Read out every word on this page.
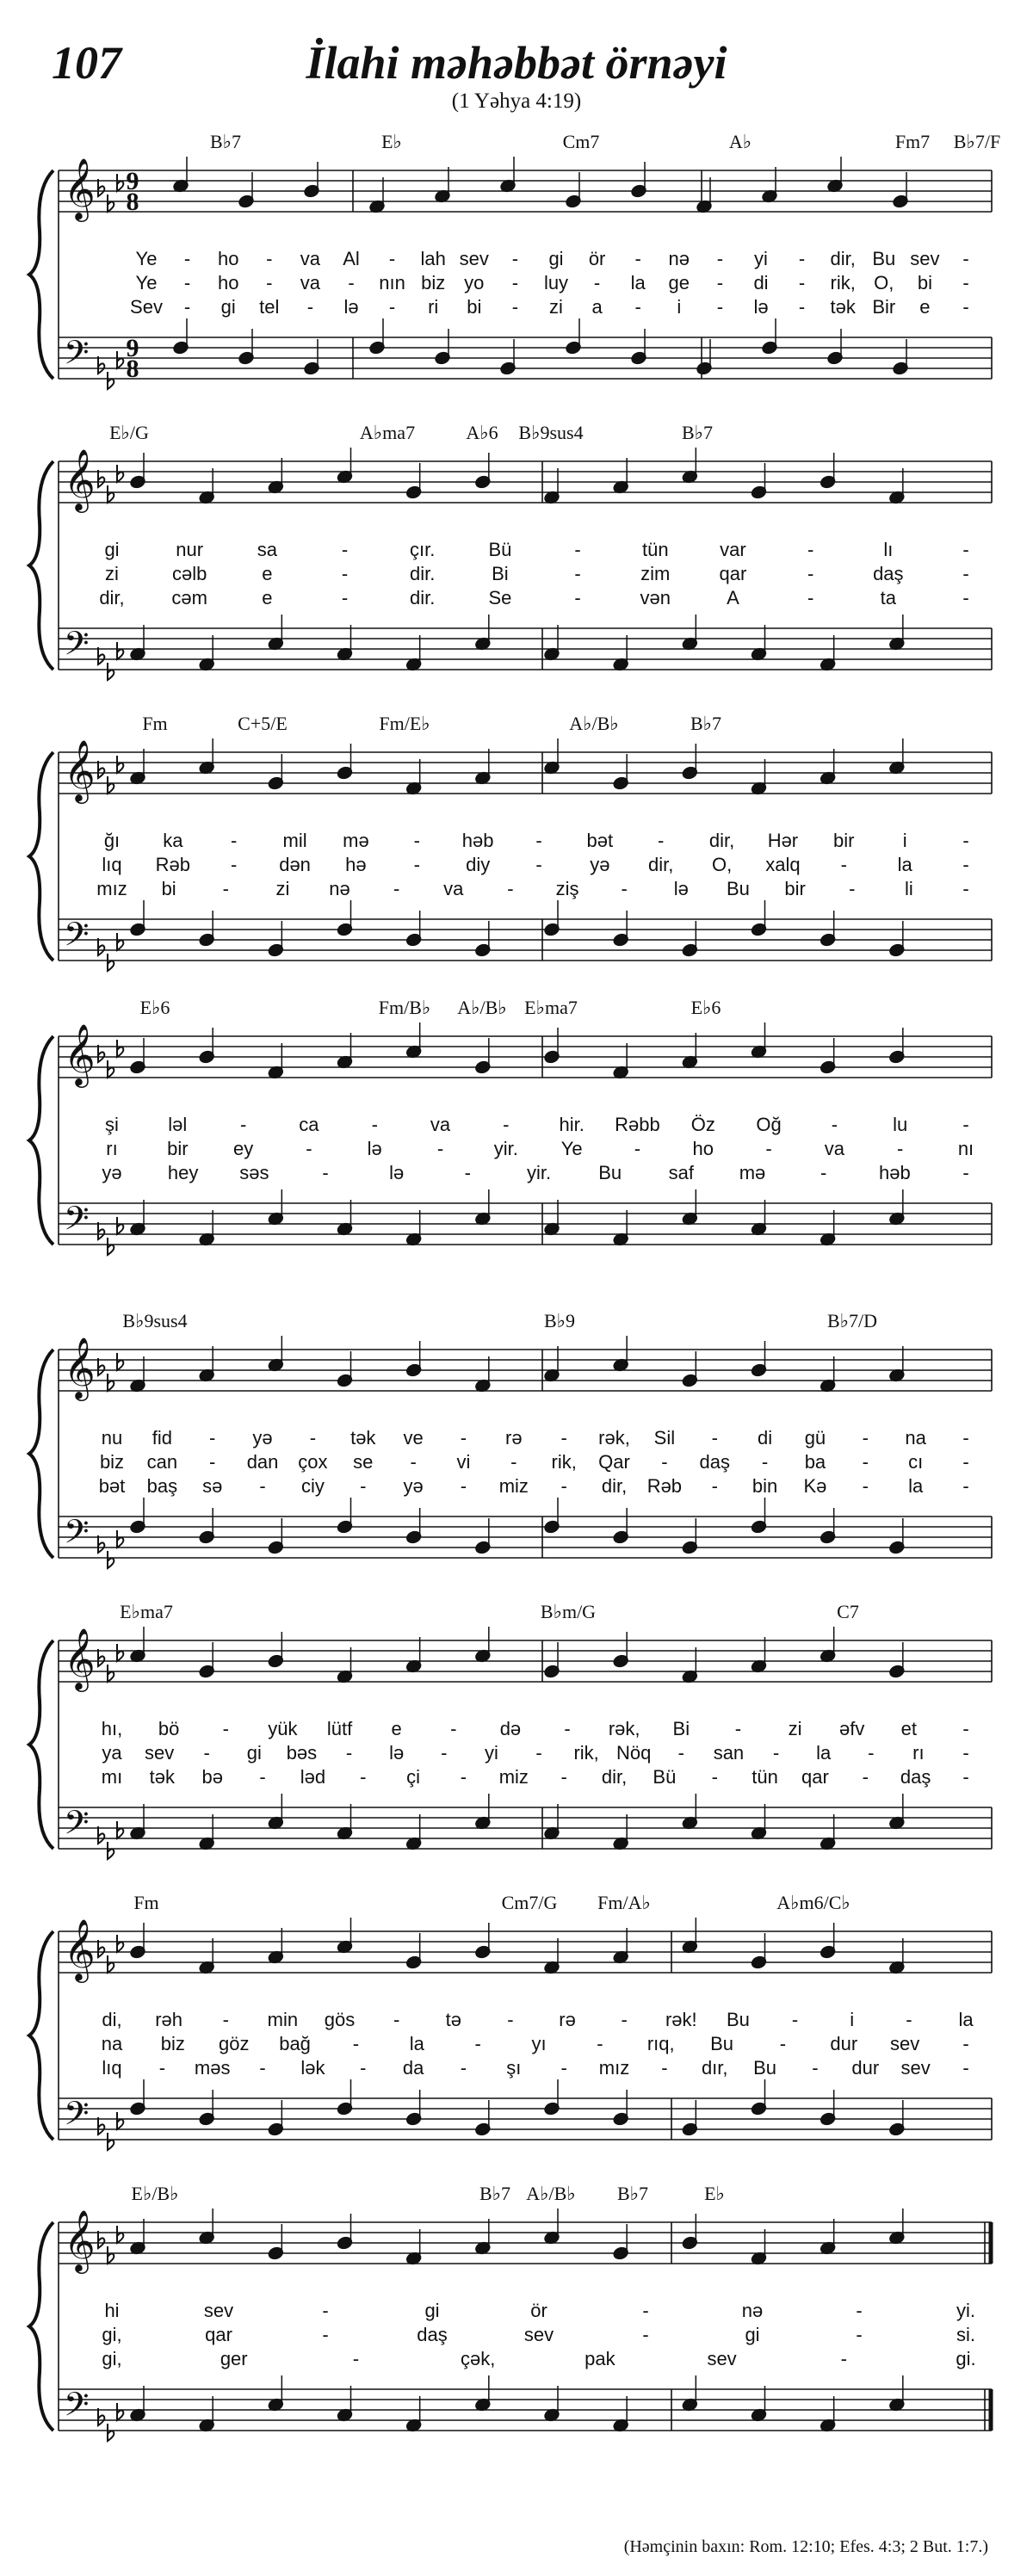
107	İlahi məhəbbət örnəyi
(1 Yəhya 4:19)
B♭7	E♭	Cm7	A♭	Fm7 B♭7/F
𝄞
𝄢
9
8
9
8
Ye - ho - va Al - lah sev - gi ör - nə - yi - dir, Bu sev -
Ye - ho - va - nın biz yo - luy - la ge - di - rik, O, bi -
Sev - gi tel - lə - ri bi - zi a - i - lə - tək Bir e -
E♭/G	A♭ma7	A♭6 B♭9sus4	B♭7
𝄞
𝄢
gi	nur	sa	-	çır.	Bü	-	tün	var	-	lı	-
zi	cəlb	e	-	dir.	Bi	-	zim	qar	-	daş	-
dir, cəm	e	-	dir.	Se	-	vən	A	-	ta	-
Fm	C+5/E	Fm/E♭	A♭/B♭	B♭7
𝄞
𝄢
ğı ka	- mil mə - həb - bət - dir, Hər bir	i	-
lıq Rəb - dən hə - diy -	yə dir, O, xalq -	la	-
mız bi - zi nə - va - ziş - lə Bu bir -	li	-
E♭6	Fm/B♭ A♭/B♭ E♭ma7	E♭6
𝄞
𝄢
şi	ləl	-	ca	-	va	-	hir. Rəbb Öz Oğ	-	lu	-
rı	bir ey	-	lə	-	yir. Ye	-	ho	-	va	-	nı
yə hey səs	-	lə	-	yir.	Bu saf mə	-	həb	-
B♭9sus4	B♭9	B♭7/D
𝄞
𝄢
nu fid - yə - tək ve - rə - rək, Sil - di gü - na -
biz can - dan çox se - vi - rik, Qar - daş - ba - cı -
bət baş sə - ciy - yə - miz - dir, Rəb - bin Kə - la -
E♭ma7	B♭m/G	C7
𝄞
𝄢
hı, bö - yük lütf e	- də - rək, Bi - zi əfv et -
ya sev - gi bəs - lə - yi - rik, Nöq - san - la - rı -
mı tək bə - ləd - çi - miz - dir, Bü - tün qar - daş -
Fm	Cm7/G Fm/A♭	A♭m6/C♭
𝄞
𝄢
di, rəh - min gös - tə - rə - rək! Bu -	i	- la
na biz göz bağ -	la	-	yı	- rıq, Bu - dur sev -
lıq - məs - lək - da - şı - mız - dır, Bu - dur sev -
E♭/B♭	B♭7 A♭/B♭ B♭7	E♭
𝄞
𝄢
hi	sev	-	gi	ör	-	nə	-	yi.
gi,	qar	-	daş	sev	-	gi	-	si.
gi,	ger	-	çək,	pak	sev	-	gi.
(Həmçinin baxın: Rom. 12:10; Efes. 4:3; 2 But. 1:7.)
